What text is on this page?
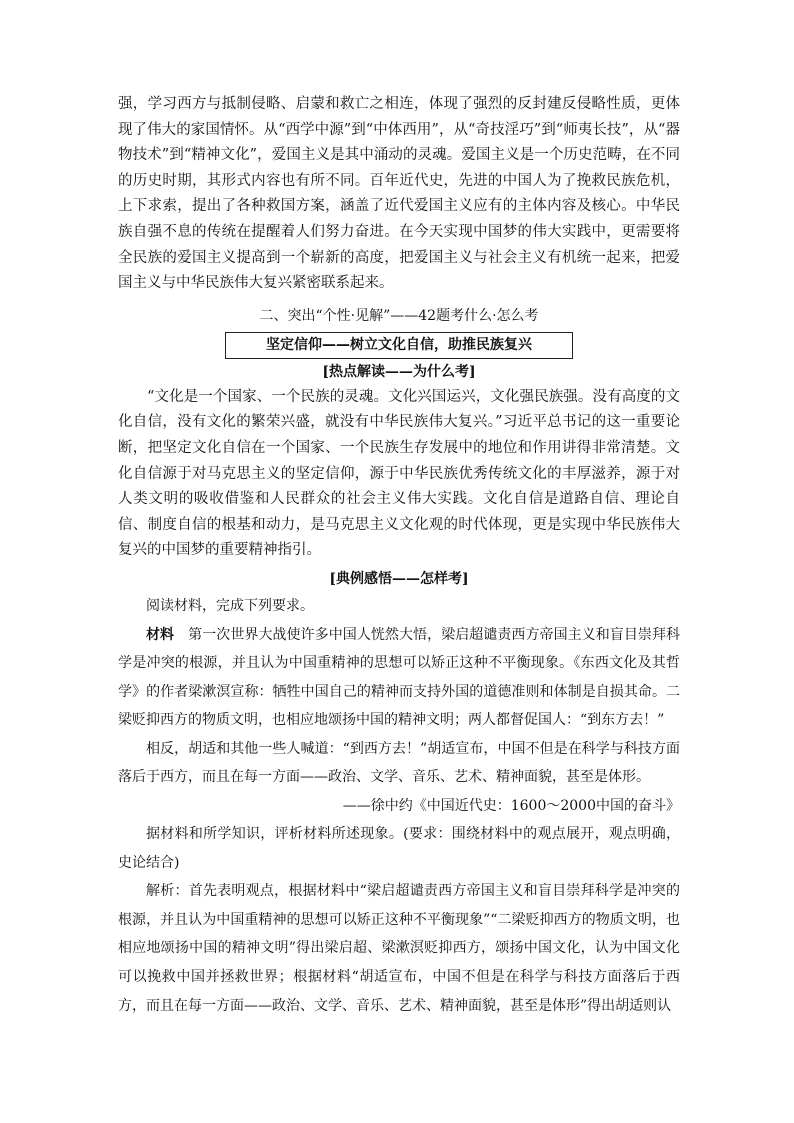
强，学习西方与抵制侵略、启蒙和救亡之相连，体现了强烈的反封建反侵略性质，更体现了伟大的家国情怀。从“西学中源”到“中体西用”，从“奇技淫巧”到“师夷长技”，从“器物技术”到“精神文化”，爱国主义是其中涌动的灵魂。爱国主义是一个历史范畴，在不同的历史时期，其形式内容也有所不同。百年近代史，先进的中国人为了挽救民族危机，上下求索，提出了各种救国方案，涵盖了近代爱国主义应有的主体内容及核心。中华民族自强不息的传统在提醒着人们努力奋进。在今天实现中国梦的伟大实践中，更需要将全民族的爱国主义提高到一个崭新的高度，把爱国主义与社会主义有机统一起来，把爱国主义与中华民族伟大复兴紧密联系起来。

二、突出“个性·见解”——42题考什么·怎么考

坚定信仰——树立文化自信，助推民族复兴

[热点解读——为什么考]

“文化是一个国家、一个民族的灵魂。文化兴国运兴，文化强民族强。没有高度的文化自信，没有文化的繁荣兴盛，就没有中华民族伟大复兴。”习近平总书记的这一重要论断，把坚定文化自信在一个国家、一个民族生存发展中的地位和作用讲得非常清楚。文化自信源于对马克思主义的坚定信仰，源于中华民族优秀传统文化的丰厚滋养，源于对人类文明的吸收借鉴和人民群众的社会主义伟大实践。文化自信是道路自信、理论自信、制度自信的根基和动力，是马克思主义文化观的时代体现，更是实现中华民族伟大复兴的中国梦的重要精神指引。

[典例感悟——怎样考]

阅读材料，完成下列要求。

材料　 第一次世界大战使许多中国人恍然大悟，梁启超谴责西方帝国主义和盲目崇拜科学是冲突的根源，并且认为中国重精神的思想可以矫正这种不平衡现象。《东西文化及其哲学》的作者梁漱溟宣称：牺牲中国自己的精神而支持外国的道德准则和体制是自损其命。二梁贬抑西方的物质文明，也相应地颂扬中国的精神文明；两人都督促国人：“到东方去！”

相反，胡适和其他一些人喊道：“到西方去！”胡适宣布，中国不但是在科学与科技方面落后于西方，而且在每一方面——政治、文学、音乐、艺术、精神面貌，甚至是体形。

——徐中约《中国近代史：1600～2000中国的奋斗》

据材料和所学知识，评析材料所述现象。(要求：围绕材料中的观点展开，观点明确，史论结合)

解析：首先表明观点，根据材料中“梁启超谴责西方帝国主义和盲目崇拜科学是冲突的根源，并且认为中国重精神的思想可以矫正这种不平衡现象”“二梁贬抑西方的物质文明，也相应地颂扬中国的精神文明”得出梁启超、梁漱溟贬抑西方，颂扬中国文化，认为中国文化可以挽救中国并拯救世界；根据材料“胡适宣布，中国不但是在科学与科技方面落后于西方，而且在每一方面——政治、文学、音乐、艺术、精神面貌，甚至是体形”得出胡适则认
